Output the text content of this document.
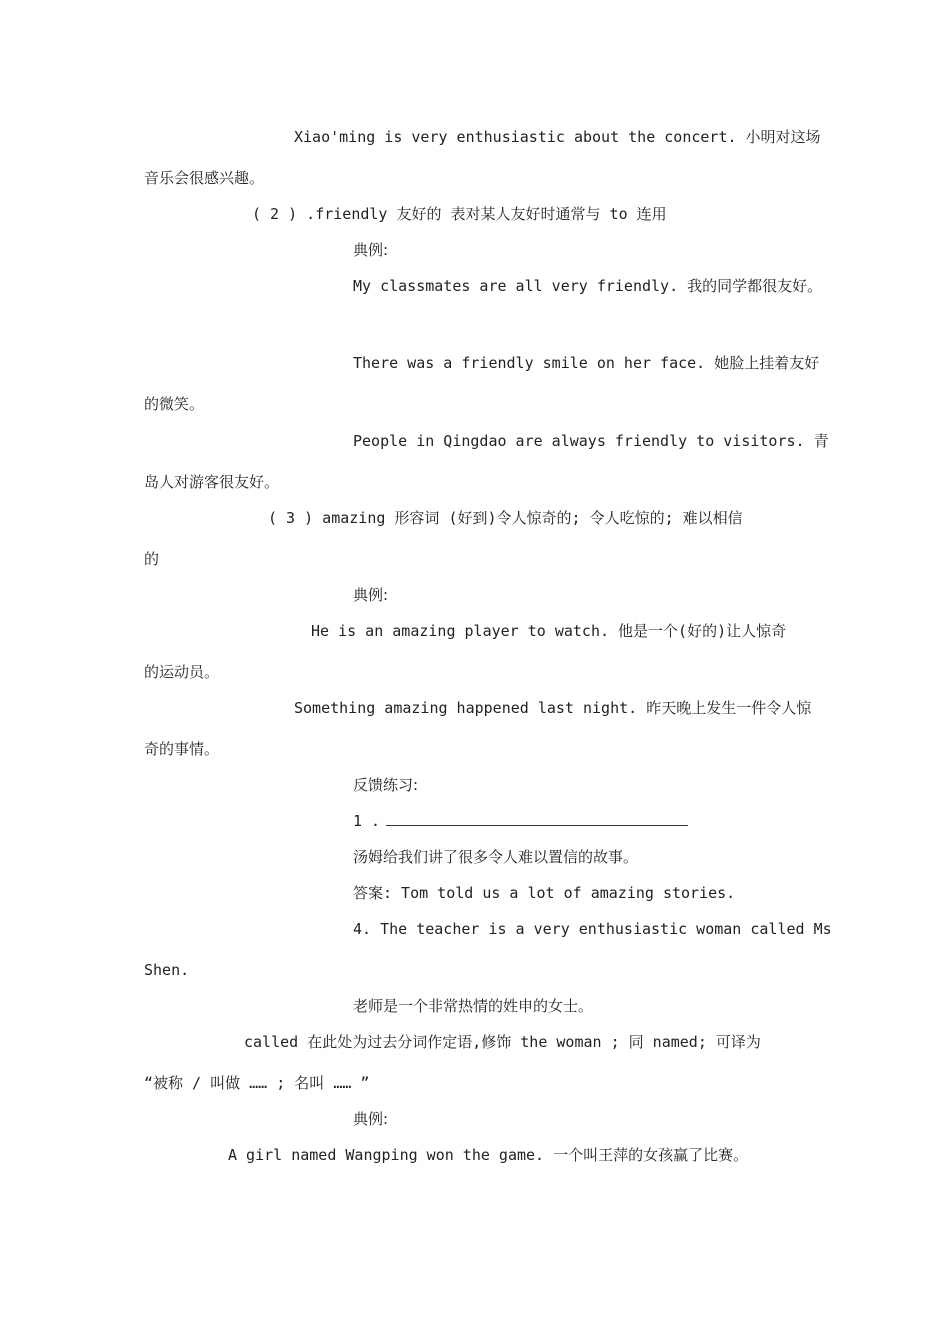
Xiao'ming is very enthusiastic about the concert. 小明对这场
音乐会很感兴趣。
( 2 ) .friendly 友好的 表对某人友好时通常与 to 连用
典例:
My classmates are all very friendly. 我的同学都很友好。
There was a friendly smile on her face. 她脸上挂着友好
的微笑。
People in Qingdao are always friendly to visitors. 青
岛人对游客很友好。
( 3 ) amazing 形容词 (好到)令人惊奇的; 令人吃惊的; 难以相信
的
典例:
He is an amazing player to watch. 他是一个(好的)让人惊奇
的运动员。
Something amazing happened last night. 昨天晚上发生一件令人惊
奇的事情。
反馈练习:
1 .
汤姆给我们讲了很多令人难以置信的故事。
答案: Tom told us a lot of amazing stories.
4. The teacher is a very enthusiastic woman called Ms
Shen.
老师是一个非常热情的姓申的女士。
called 在此处为过去分词作定语,修饰 the woman ; 同 named; 可译为
“被称 / 叫做 …… ; 名叫 …… ”
典例:
A girl named Wangping won the game. 一个叫王萍的女孩赢了比赛。
